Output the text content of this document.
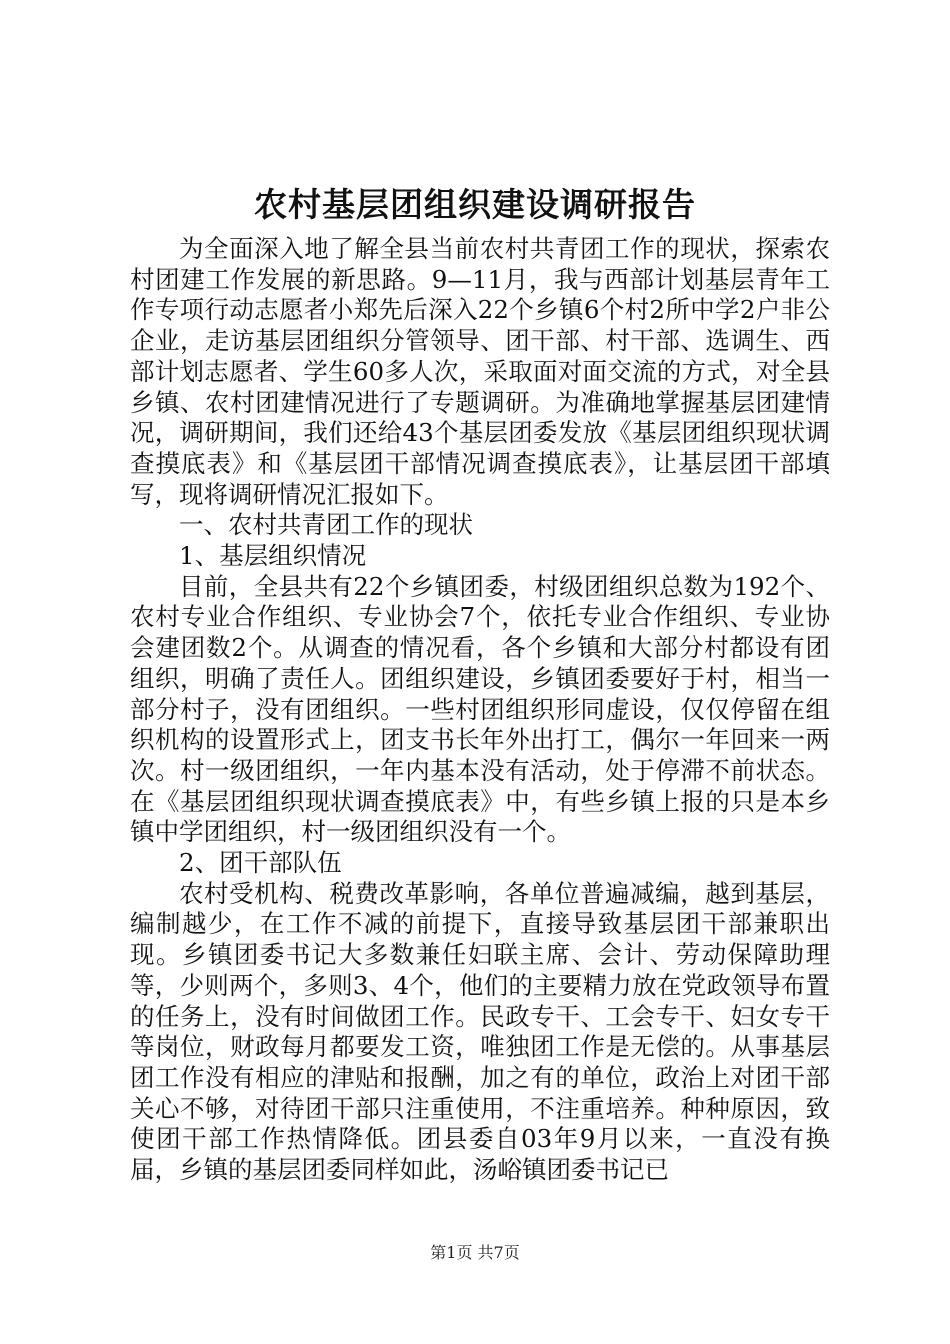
农村基层团组织建设调研报告

为全面深入地了解全县当前农村共青团工作的现状，探索农村团建工作发展的新思路。9—11月，我与西部计划基层青年工作专项行动志愿者小郑先后深入22个乡镇6个村2所中学2户非公企业，走访基层团组织分管领导、团干部、村干部、选调生、西部计划志愿者、学生60多人次，采取面对面交流的方式，对全县乡镇、农村团建情况进行了专题调研。为准确地掌握基层团建情况，调研期间，我们还给43个基层团委发放《基层团组织现状调查摸底表》和《基层团干部情况调查摸底表》，让基层团干部填写，现将调研情况汇报如下。

一、农村共青团工作的现状

1、基层组织情况

目前，全县共有22个乡镇团委，村级团组织总数为192个、农村专业合作组织、专业协会7个，依托专业合作组织、专业协会建团数2个。从调查的情况看，各个乡镇和大部分村都设有团组织，明确了责任人。团组织建设，乡镇团委要好于村，相当一部分村子，没有团组织。一些村团组织形同虚设，仅仅停留在组织机构的设置形式上，团支书长年外出打工，偶尔一年回来一两次。村一级团组织，一年内基本没有活动，处于停滞不前状态。在《基层团组织现状调查摸底表》中，有些乡镇上报的只是本乡镇中学团组织，村一级团组织没有一个。

2、团干部队伍

农村受机构、税费改革影响，各单位普遍减编，越到基层，编制越少，在工作不减的前提下，直接导致基层团干部兼职出现。乡镇团委书记大多数兼任妇联主席、会计、劳动保障助理等，少则两个，多则3、4个，他们的主要精力放在党政领导布置的任务上，没有时间做团工作。民政专干、工会专干、妇女专干等岗位，财政每月都要发工资，唯独团工作是无偿的。从事基层团工作没有相应的津贴和报酬，加之有的单位，政治上对团干部关心不够，对待团干部只注重使用，不注重培养。种种原因，致使团干部工作热情降低。团县委自03年9月以来，一直没有换届，乡镇的基层团委同样如此，汤峪镇团委书记已

第1页 共7页
